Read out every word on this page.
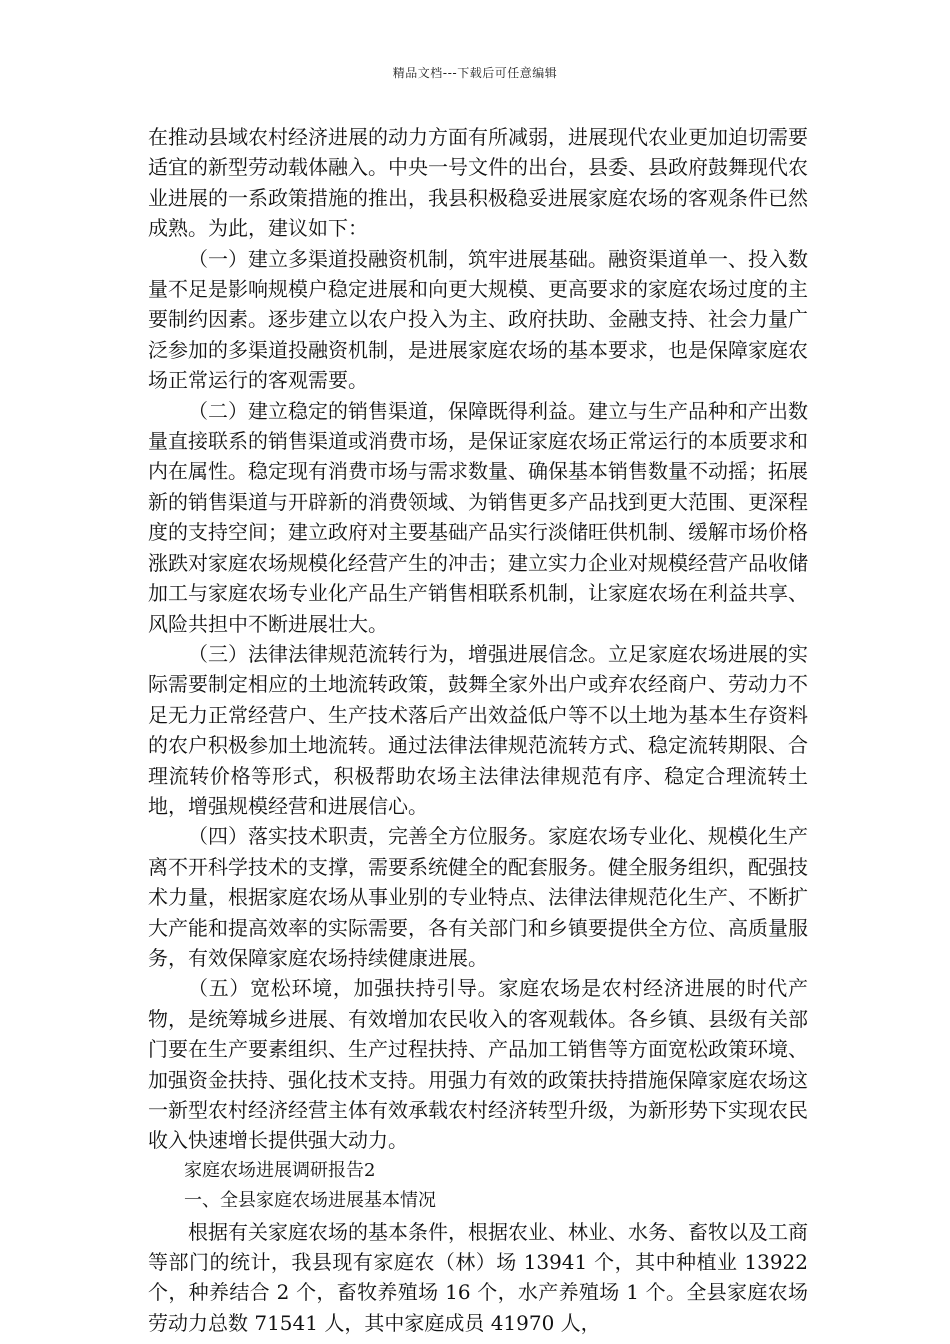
精品文档---下载后可任意编辑

在推动县域农村经济进展的动力方面有所减弱，进展现代农业更加迫切需要适宜的新型劳动载体融入。中央一号文件的出台，县委、县政府鼓舞现代农业进展的一系政策措施的推出，我县积极稳妥进展家庭农场的客观条件已然成熟。为此，建议如下：

（一）建立多渠道投融资机制，筑牢进展基础。融资渠道单一、投入数量不足是影响规模户稳定进展和向更大规模、更高要求的家庭农场过度的主要制约因素。逐步建立以农户投入为主、政府扶助、金融支持、社会力量广泛参加的多渠道投融资机制，是进展家庭农场的基本要求，也是保障家庭农场正常运行的客观需要。

（二）建立稳定的销售渠道，保障既得利益。建立与生产品种和产出数量直接联系的销售渠道或消费市场，是保证家庭农场正常运行的本质要求和内在属性。稳定现有消费市场与需求数量、确保基本销售数量不动摇；拓展新的销售渠道与开辟新的消费领域、为销售更多产品找到更大范围、更深程度的支持空间；建立政府对主要基础产品实行淡储旺供机制、缓解市场价格涨跌对家庭农场规模化经营产生的冲击；建立实力企业对规模经营产品收储加工与家庭农场专业化产品生产销售相联系机制，让家庭农场在利益共享、风险共担中不断进展壮大。

（三）法律法律规范流转行为，增强进展信念。立足家庭农场进展的实际需要制定相应的土地流转政策，鼓舞全家外出户或弃农经商户、劳动力不足无力正常经营户、生产技术落后产出效益低户等不以土地为基本生存资料的农户积极参加土地流转。通过法律法律规范流转方式、稳定流转期限、合理流转价格等形式，积极帮助农场主法律法律规范有序、稳定合理流转土地，增强规模经营和进展信心。

（四）落实技术职责，完善全方位服务。家庭农场专业化、规模化生产离不开科学技术的支撑，需要系统健全的配套服务。健全服务组织，配强技术力量，根据家庭农场从事业别的专业特点、法律法律规范化生产、不断扩大产能和提高效率的实际需要，各有关部门和乡镇要提供全方位、高质量服务，有效保障家庭农场持续健康进展。

（五）宽松环境，加强扶持引导。家庭农场是农村经济进展的时代产物，是统筹城乡进展、有效增加农民收入的客观载体。各乡镇、县级有关部门要在生产要素组织、生产过程扶持、产品加工销售等方面宽松政策环境、加强资金扶持、强化技术支持。用强力有效的政策扶持措施保障家庭农场这一新型农村经济经营主体有效承载农村经济转型升级，为新形势下实现农民收入快速增长提供强大动力。

家庭农场进展调研报告2

一、全县家庭农场进展基本情况

根据有关家庭农场的基本条件，根据农业、林业、水务、畜牧以及工商等部门的统计，我县现有家庭农（林）场 13941 个，其中种植业 13922 个，种养结合 2 个，畜牧养殖场 16 个，水产养殖场 1 个。全县家庭农场劳动力总数 71541 人，其中家庭成员 41970 人，
